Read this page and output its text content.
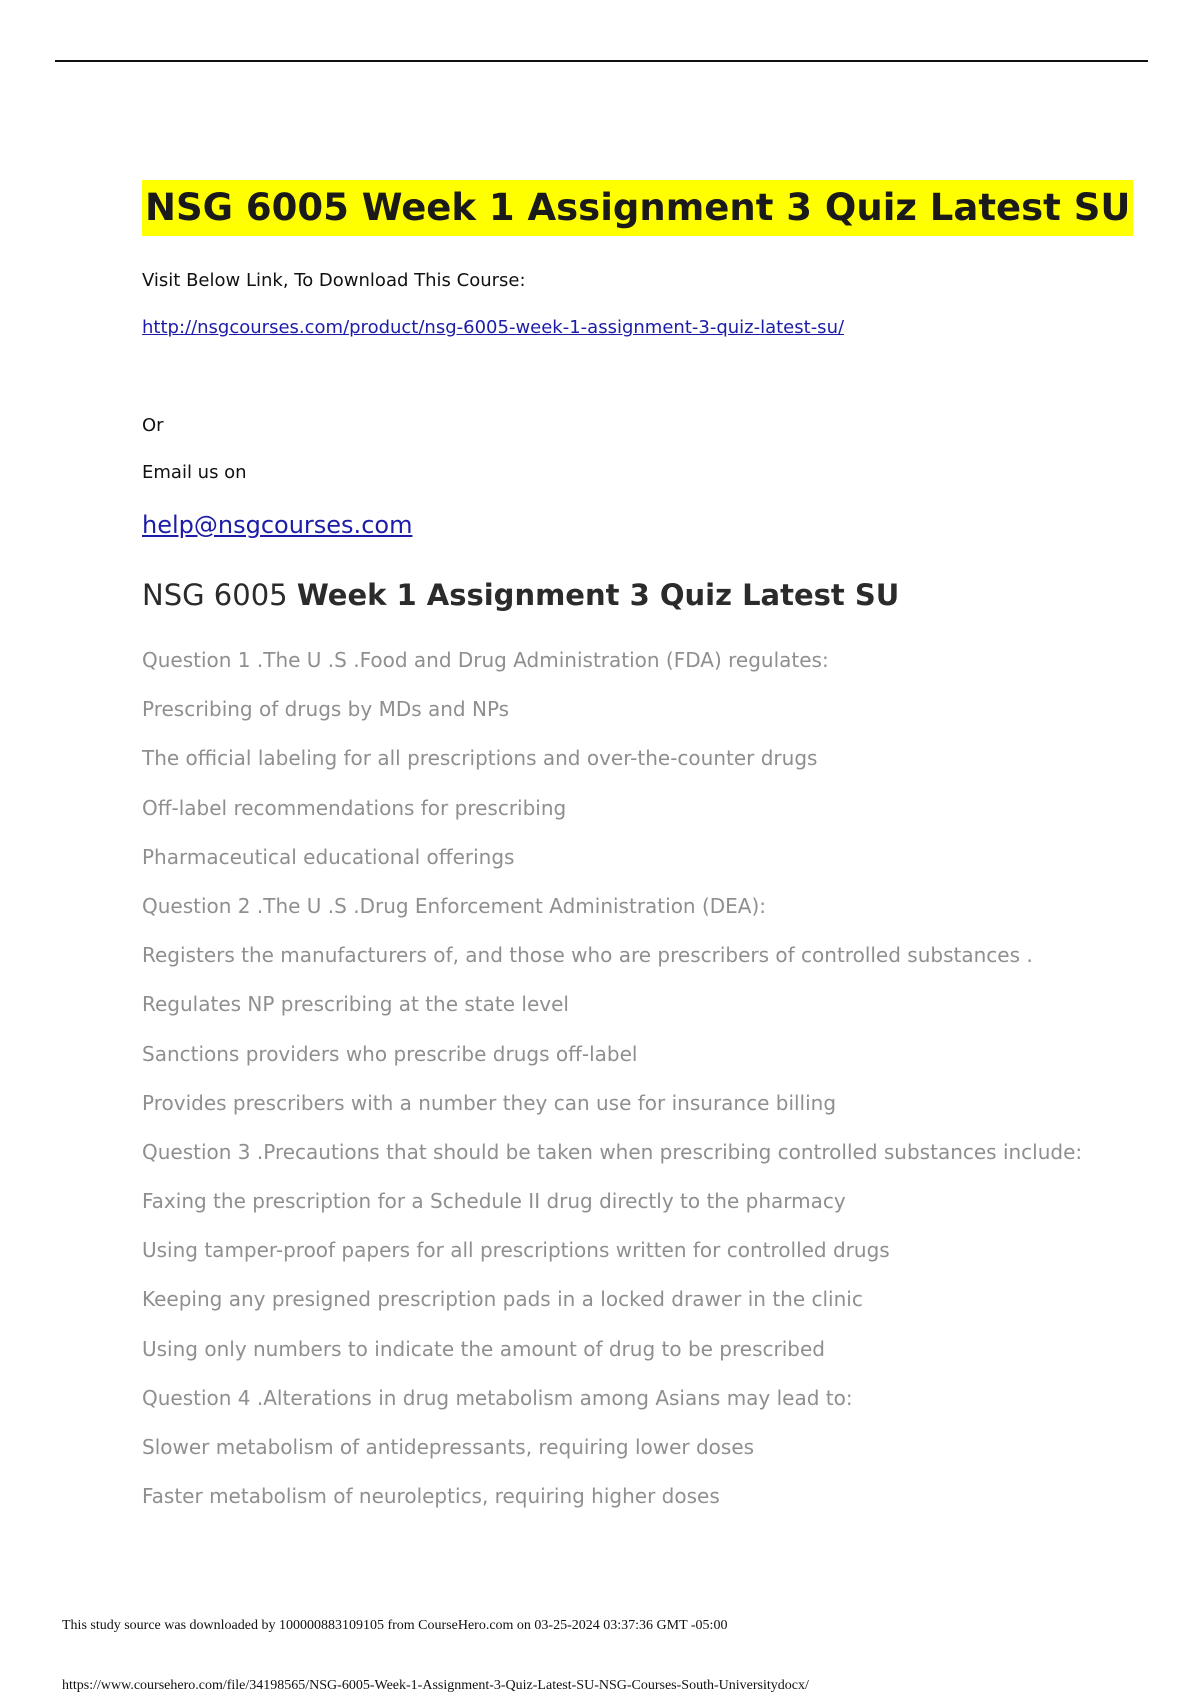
NSG 6005 Week 1 Assignment 3 Quiz Latest SU
Visit Below Link, To Download This Course:
http://nsgcourses.com/product/nsg-6005-week-1-assignment-3-quiz-latest-su/
Or
Email us on
help@nsgcourses.com
NSG 6005 Week 1 Assignment 3 Quiz Latest SU
Question 1 .The U .S .Food and Drug Administration (FDA) regulates:
Prescribing of drugs by MDs and NPs
The official labeling for all prescriptions and over-the-counter drugs
Off-label recommendations for prescribing
Pharmaceutical educational offerings
Question 2 .The U .S .Drug Enforcement Administration (DEA):
Registers the manufacturers of, and those who are prescribers of controlled substances .
Regulates NP prescribing at the state level
Sanctions providers who prescribe drugs off-label
Provides prescribers with a number they can use for insurance billing
Question 3 .Precautions that should be taken when prescribing controlled substances include:
Faxing the prescription for a Schedule II drug directly to the pharmacy
Using tamper-proof papers for all prescriptions written for controlled drugs
Keeping any presigned prescription pads in a locked drawer in the clinic
Using only numbers to indicate the amount of drug to be prescribed
Question 4 .Alterations in drug metabolism among Asians may lead to:
Slower metabolism of antidepressants, requiring lower doses
Faster metabolism of neuroleptics, requiring higher doses
This study source was downloaded by 100000883109105 from CourseHero.com on 03-25-2024 03:37:36 GMT -05:00
https://www.coursehero.com/file/34198565/NSG-6005-Week-1-Assignment-3-Quiz-Latest-SU-NSG-Courses-South-Universitydocx/
